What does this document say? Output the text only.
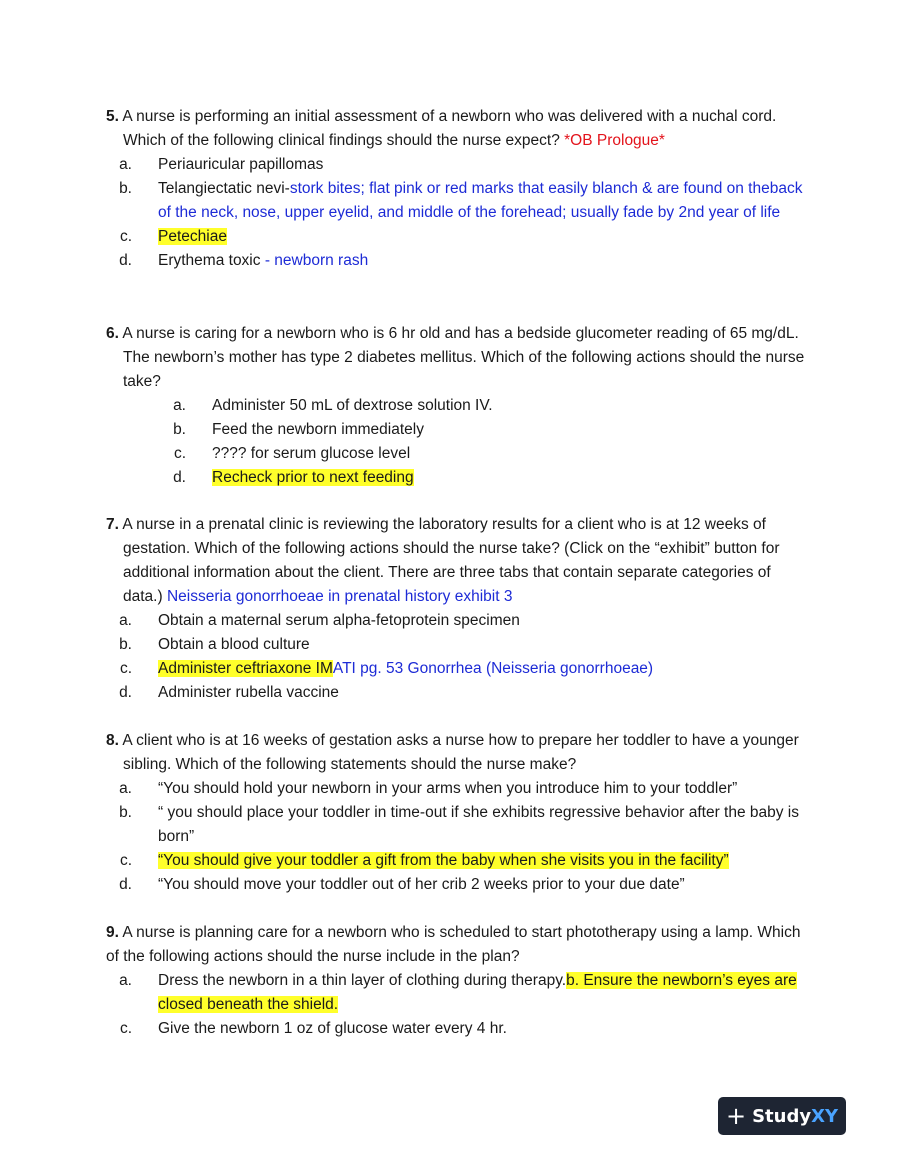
5. A nurse is performing an initial assessment of a newborn who was delivered with a nuchal cord. Which of the following clinical findings should the nurse expect? *OB Prologue*

a.	Periauricular papillomas
b.	Telangiectatic nevi-stork bites; flat pink or red marks that easily blanch & are found on theback of the neck, nose, upper eyelid, and middle of the forehead; usually fade by 2nd year of life
c.	Petechiae
d.	Erythema toxic - newborn rash

6. A nurse is caring for a newborn who is 6 hr old and has a bedside glucometer reading of 65 mg/dL. The newborn’s mother has type 2 diabetes mellitus. Which of the following actions should the nurse take?

a.	Administer 50 mL of dextrose solution IV.
b.	Feed the newborn immediately
c.	???? for serum glucose level
d.	Recheck prior to next feeding

7. A nurse in a prenatal clinic is reviewing the laboratory results for a client who is at 12 weeks of gestation. Which of the following actions should the nurse take? (Click on the “exhibit” button for additional information about the client. There are three tabs that contain separate categories of data.) Neisseria gonorrhoeae in prenatal history exhibit 3

a.	Obtain a maternal serum alpha-fetoprotein specimen
b.	Obtain a blood culture
c.	Administer ceftriaxone IMATI pg. 53 Gonorrhea (Neisseria gonorrhoeae)
d.	Administer rubella vaccine

8. A client who is at 16 weeks of gestation asks a nurse how to prepare her toddler to have a younger sibling. Which of the following statements should the nurse make?

a.	“You should hold your newborn in your arms when you introduce him to your toddler”
b.	“ you should place your toddler in time-out if she exhibits regressive behavior after the baby is born”
c.	“You should give your toddler a gift from the baby when she visits you in the facility”
d.	“You should move your toddler out of her crib 2 weeks prior to your due date”

9. A nurse is planning care for a newborn who is scheduled to start phototherapy using a lamp. Which of the following actions should the nurse include in the plan?

a.	Dress the newborn in a thin layer of clothing during therapy.b. Ensure the newborn’s eyes are closed beneath the shield.
c.	Give the newborn 1 oz of glucose water every 4 hr.
+ Study XY
